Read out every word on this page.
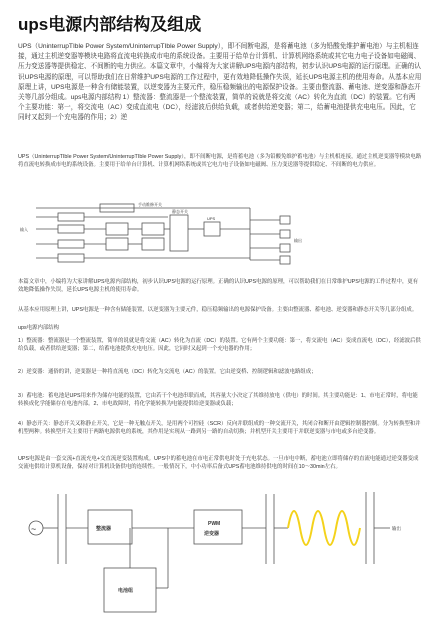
ups电源内部结构及组成

UPS（UninterrupTIble Power System/UninterrupTIble Power Supply），即不间断电源，是将蓄电池（多为铅酸免维护蓄电池）与主机相连接，通过主机逆变器等模块电路将直流电转换成市电的系统设备。主要用于给单台计算机、计算机网络系统或其它电力电子设备如电磁阀、压力变送器等提供稳定、不间断的电力供应。本篇文章中，小编将为大家讲解UPS电源内部结构，初步认识UPS电源的运行原理。正确的认识UPS电源的原理，可以帮助我们在日常维护UPS电源的工作过程中，更有效地降低操作失误，延长UPS电源主机的使用寿命。从基本应用原理上讲，UPS电源是一种含有储能装置，以逆变器为主要元件，稳压稳频输出的电源保护设备。主要由整流器、蓄电池、逆变器和静态开关等几部分组成。ups电源内部结构 1）整流器：整流器是一个整流装置，简单的说就是将交流（AC）转化为直流（DC）的装置。它有两个主要功能：第一，将交流电（AC）变成直流电（DC），经滤波后供给负载，或者供给逆变器；第二，给蓄电池提供充电电压。因此，它同时又起到一个充电器的作用；2）逆

UPS（UninterrupTIble Power System/UninterrupTIble Power Supply），即不间断电源，是将蓄电池（多为铅酸免维护蓄电池）与主机相连接，通过主机逆变器等模块电路将直流电转换成市电的系统设备。主要用于给单台计算机、计算机网络系统或其它电力电子设备如电磁阀、压力变送器等提供稳定、不间断的电力供应。

手动维修开关
静态开关
UPS
输入
输出

本篇文章中，小编将为大家讲解UPS电源内部结构，初步认识UPS电源的运行原理。正确的认识UPS电源的原理，可以帮助我们在日常维护UPS电源的工作过程中，更有效地降低操作失误，延长UPS电源主机的使用寿命。

从基本应用原理上讲，UPS电源是一种含有储能装置，以逆变器为主要元件，稳压稳频输出的电源保护设备。主要由整流器、蓄电池、逆变器和静态开关等几部分组成。

ups电源内部结构

1）整流器：整流器是一个整流装置，简单的说就是将交流（AC）转化为直流（DC）的装置。它有两个主要功能：第一，将交流电（AC）变成直流电（DC），经滤波后供给负载，或者供给逆变器；第二，给蓄电池提供充电电压。因此，它同时又起到一个充电器的作用；

2）逆变器：通俗的讲，逆变器是一种将直流电（DC）转化为交流电（AC）的装置。它由逆变桥、控制逻辑和滤波电路组成；

3）蓄电池：蓄电池是UPS用来作为储存电能的装置，它由若干个电池串联而成，其容量大小决定了其维持放电（供电）的时间。其主要功能是：1、市电正常时，将电能转换成化学能储存在电池内部。2、市电故障时，将化学能转换为电能提供给逆变器或负载；

4）静态开关：静态开关又称静止开关，它是一种无触点开关，是用两个可控硅（SCR）反向并联组成的一种交流开关，其闭合和断开由逻辑控制器控制。分为转换型和并机型两种。转换型开关主要用于两路电源供电的系统，其作用是实现从一路到另一路的自动切换；并机型开关主要用于并联逆变器与市电或多台逆变器。

UPS电源是由一套交流+直流充电+交直流逆变装置构成。UPS中的蓄电池在市电正常供电时处于充电状态。一旦市电中断，蓄电池立即将储存的直流电能通过逆变器变成交流电供给计算机设备，保持对计算机设备供电的连续性。一般情况下，中小功率后备式UPS蓄电池维持供电的时间在10～30min左右。

~	整流器
PWM
逆变器
电池组
输出
